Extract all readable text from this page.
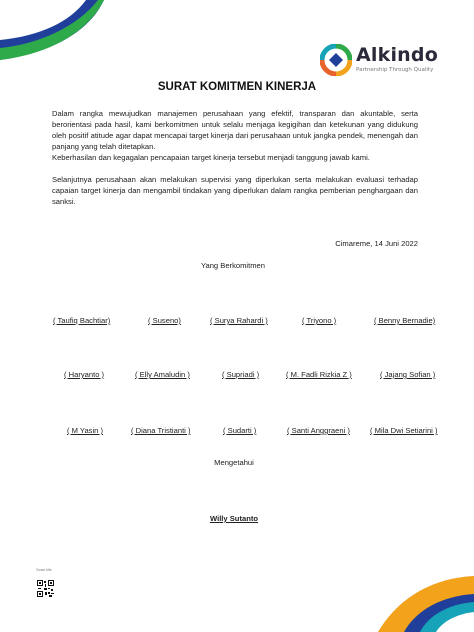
Alkindo
Partnership Through Quality
SURAT KOMITMEN KINERJA

Dalam rangka mewujudkan manajemen perusahaan yang efektif, transparan dan akuntable, serta berorientasi pada hasil, kami berkomitmen untuk selalu menjaga kegigihan dan ketekunan yang didukung oleh positif atitude agar dapat mencapai target kinerja dari perusahaan untuk jangka pendek, menengah dan panjang yang telah ditetapkan.

Keberhasilan dan kegagalan pencapaian target kinerja tersebut menjadi tanggung jawab kami.

Selanjutnya perusahaan akan melakukan supervisi yang diperlukan serta melakukan evaluasi terhadap capaian target kinerja dan mengambil tindakan yang diperlukan dalam rangka pemberian penghargaan dan sanksi.

Cimareme, 14 Juni 2022
Yang Berkomitmen
( Taufiq Bachtiar)	( Suseno)	( Surya Rahardi )	( Triyono )	( Benny Bernadie)
( Haryanto )	( Elly Amaludin )	( Supriadi )	( M. Fadli Rizkia Z )	( Jajang Sofian )
( M Yasin )	( Diana Tristianti )	( Sudarti )	( Santi Anggraeni )	( Mila Dwi Setiarini )
Mengetahui
Willy Sutanto
Scan Me
